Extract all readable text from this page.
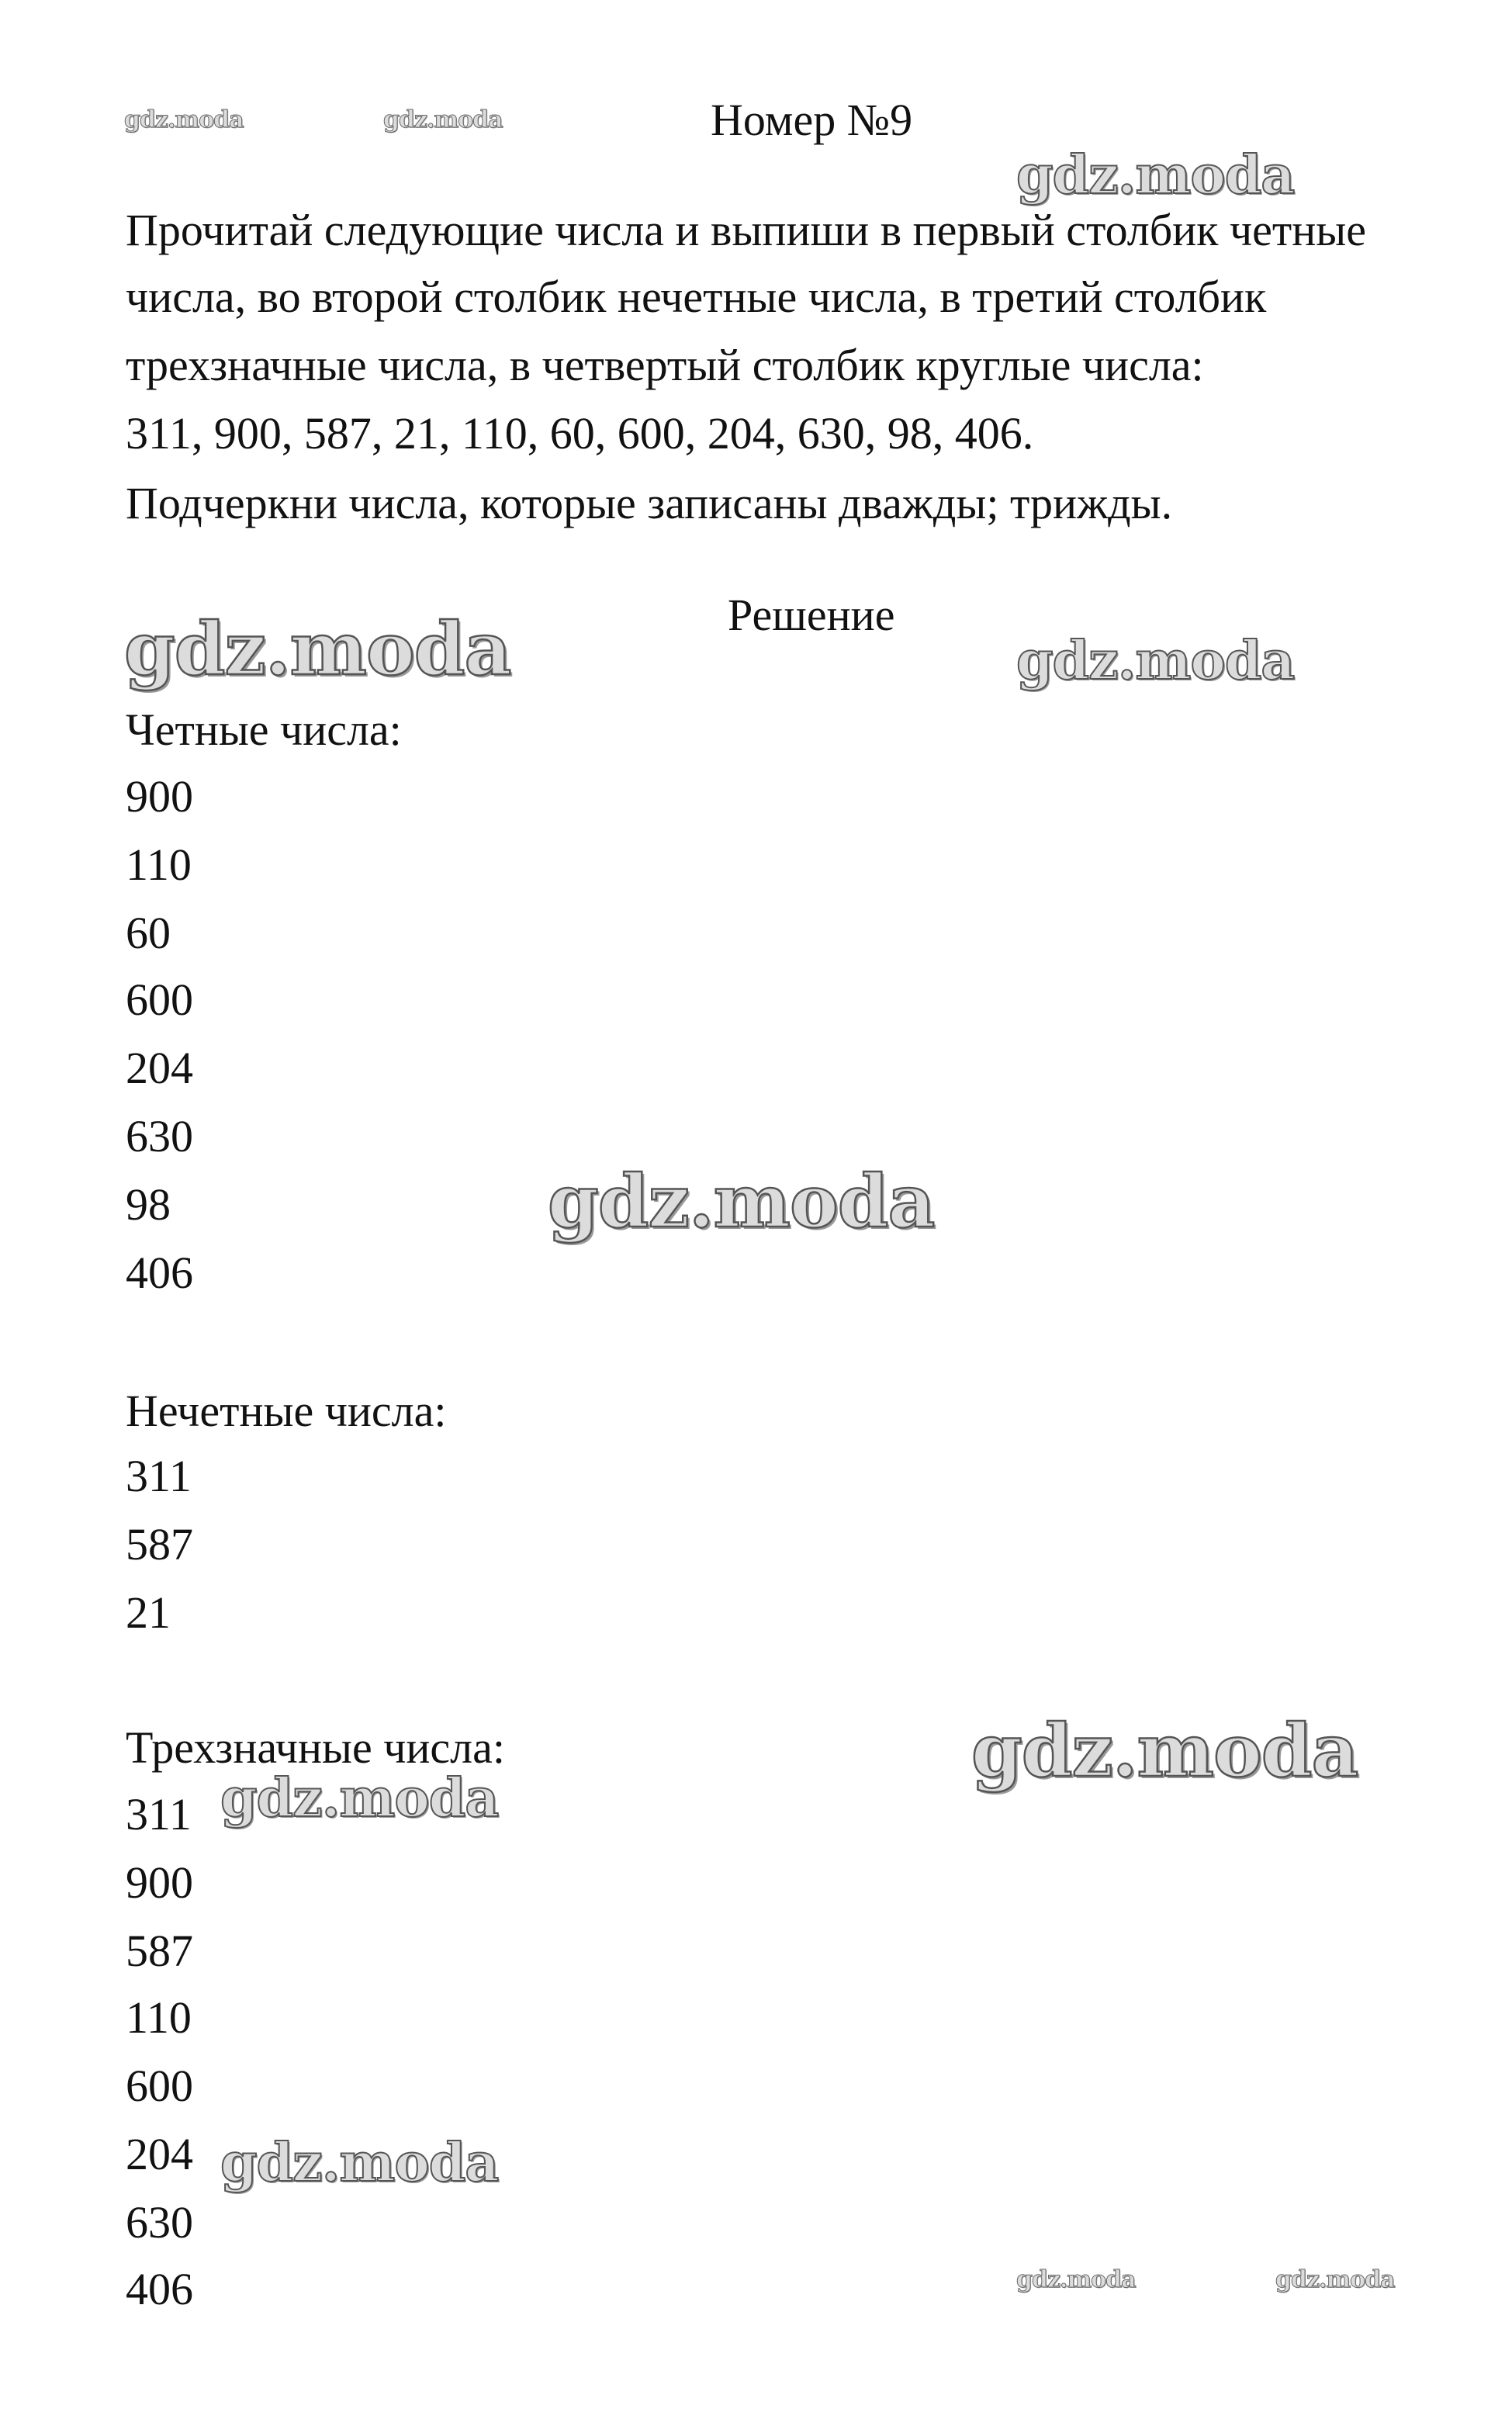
Номер №9
Прочитай следующие числа и выпиши в первый столбик четные
числа, во второй столбик нечетные числа, в третий столбик
трехзначные числа, в четвертый столбик круглые числа:
311, 900, 587, 21, 110, 60, 600, 204, 630, 98, 406.
Подчеркни числа, которые записаны дважды; трижды.
Решение
Четные числа:
900
110
60
600
204
630
98
406
Нечетные числа:
311
587
21
Трехзначные числа:
311
900
587
110
600
204
630
406
gdz.moda	gdz.moda
gdz.moda
gdz.moda	gdz.moda
gdz.moda
gdz.moda
gdz.moda
gdz.moda
gdz.moda	gdz.moda
